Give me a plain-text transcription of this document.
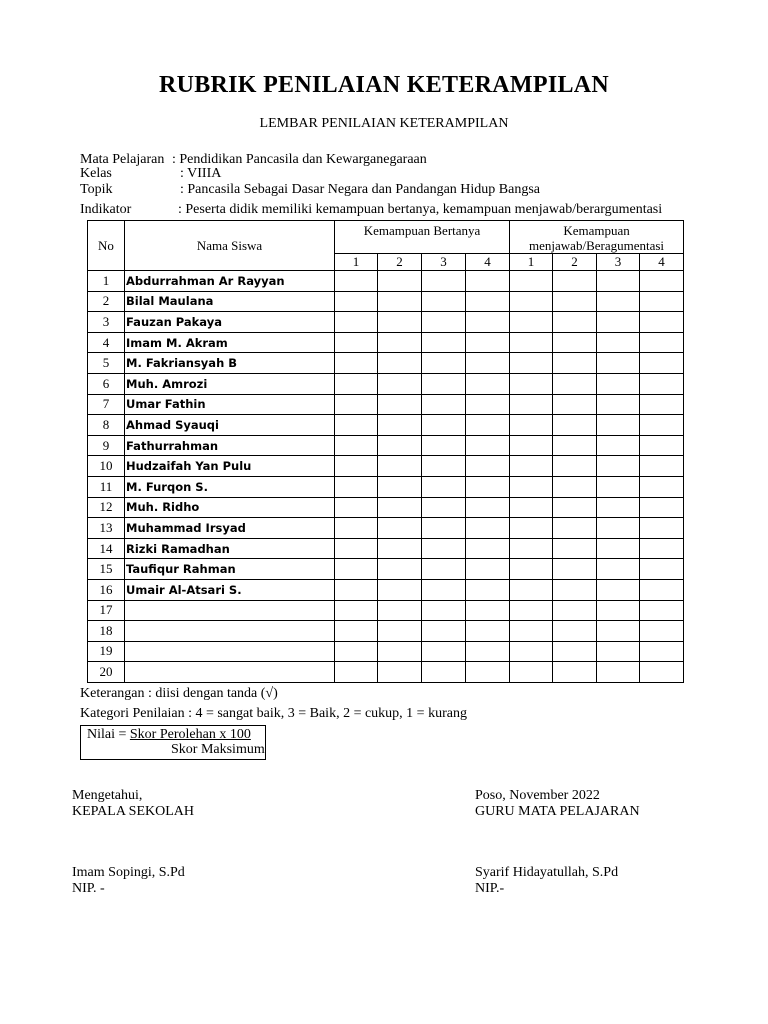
RUBRIK PENILAIAN KETERAMPILAN
LEMBAR PENILAIAN KETERAMPILAN
Mata Pelajaran : Pendidikan Pancasila dan Kewarganegaraan
Kelas	: VIIIA
Topik	: Pancasila Sebagai Dasar Negara dan Pandangan Hidup Bangsa
Indikator	: Peserta didik memiliki kemampuan bertanya, kemampuan menjawab/berargumentasi
No	Nama Siswa	Kemampuan Bertanya				Kemampuan
menjawab/Beragumentasi			

		1	2	3	4	1	2	3	4
1	Abdurrahman Ar Rayyan								
2	Bilal Maulana								
3	Fauzan Pakaya								
4	Imam M. Akram								
5	M. Fakriansyah B								
6	Muh. Amrozi								
7	Umar Fathin								
8	Ahmad Syauqi								
9	Fathurrahman								
10	Hudzaifah Yan Pulu								
11	M. Furqon S.								
12	Muh. Ridho								
13	Muhammad Irsyad								
14	Rizki Ramadhan								
15	Taufiqur Rahman								
16	Umair Al-Atsari S.								
17									
18									
19									
20									
Keterangan : diisi dengan tanda (√)
Kategori Penilaian : 4 = sangat baik, 3 = Baik, 2 = cukup, 1 = kurang
Nilai = Skor Perolehan x 100
Skor Maksimum
Mengetahui,
KEPALA SEKOLAH
Imam Sopingi, S.Pd
NIP. -
Poso, November 2022
GURU MATA PELAJARAN
Syarif Hidayatullah, S.Pd
NIP.-
